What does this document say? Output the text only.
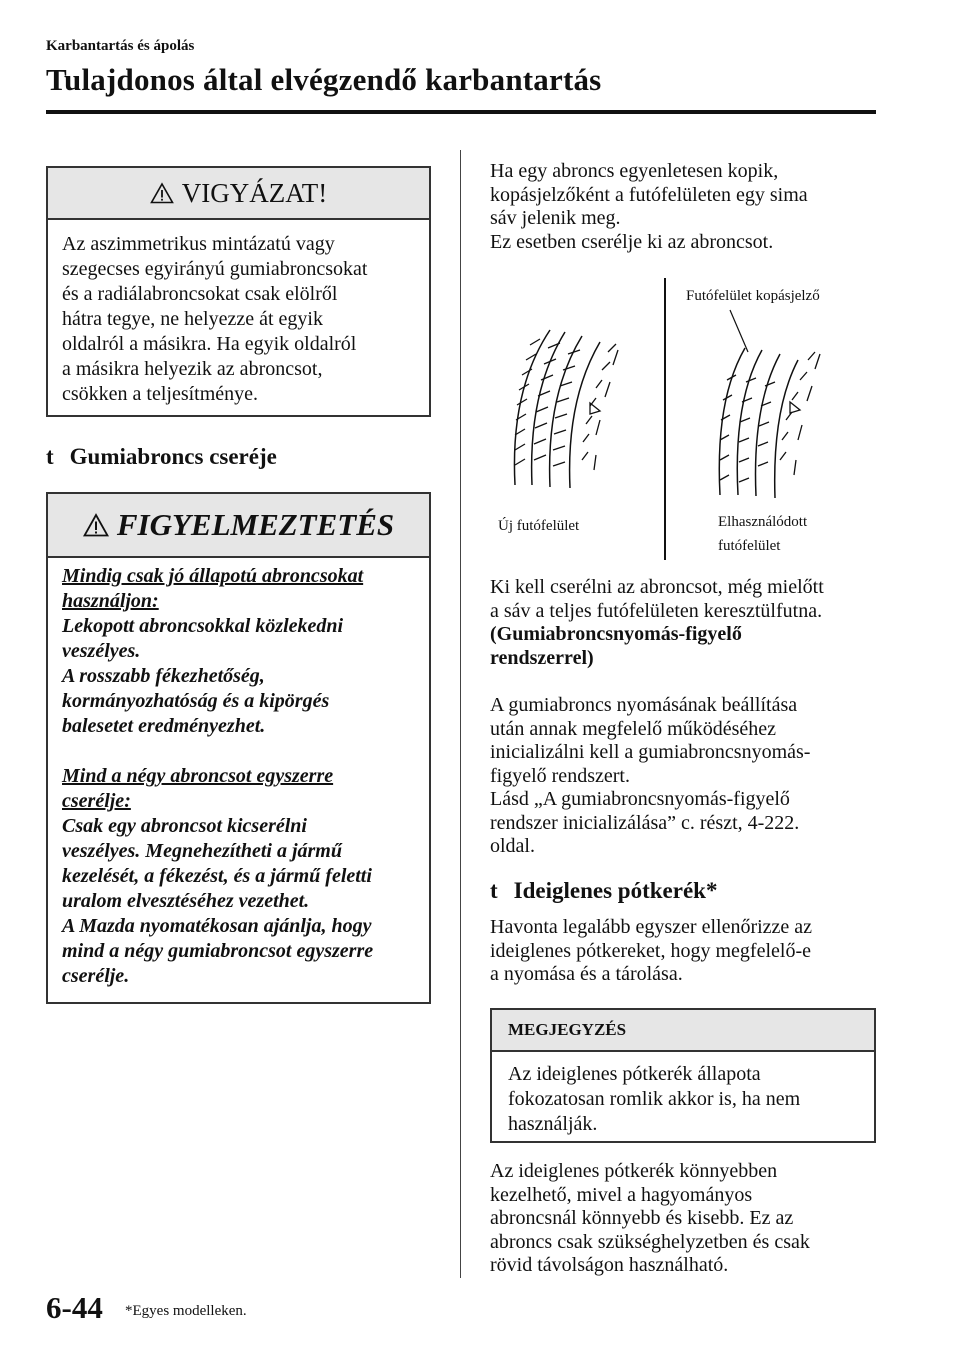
Karbantartás és ápolás
Tulajdonos által elvégzendő karbantartás
VIGYÁZAT!
Az aszimmetrikus mintázatú vagy
szegecses egyirányú gumiabroncsokat
és a radiálabroncsokat csak elölről
hátra tegye, ne helyezze át egyik
oldalról a másikra. Ha egyik oldalról
a másikra helyezik az abroncsot,
csökken a teljesítménye.
t Gumiabroncs cseréje
FIGYELMEZTETÉS
Mindig csak jó állapotú abroncsokat
használjon:
Lekopott abroncsokkal közlekedni
veszélyes.
A rosszabb fékezhetőség,
kormányozhatóság és a kipörgés
balesetet eredményezhet.
Mind a négy abroncsot egyszerre
cserélje:
Csak egy abroncsot kicserélni
veszélyes. Megnehezítheti a jármű
kezelését, a fékezést, és a jármű feletti
uralom elvesztéséhez vezethet.
A Mazda nyomatékosan ajánlja, hogy
mind a négy gumiabroncsot egyszerre
cserélje.
Ha egy abroncs egyenletesen kopik,
kopásjelzőként a futófelületen egy sima
sáv jelenik meg.
Ez esetben cserélje ki az abroncsot.
Futófelület kopásjelző
Új futófelület	Elhasználódott
futófelület
Ki kell cserélni az abroncsot, még mielőtt
a sáv a teljes futófelületen keresztülfutna.
(Gumiabroncsnyomás-figyelő
rendszerrel)
A gumiabroncs nyomásának beállítása
után annak megfelelő működéséhez
inicializálni kell a gumiabroncsnyomás-
figyelő rendszert.
Lásd „A gumiabroncsnyomás-figyelő
rendszer inicializálása” c. részt, 4-222.
oldal.
t Ideiglenes pótkerék*
Havonta legalább egyszer ellenőrizze az
ideiglenes pótkereket, hogy megfelelő-e
a nyomása és a tárolása.
MEGJEGYZÉS
Az ideiglenes pótkerék állapota
fokozatosan romlik akkor is, ha nem
használják.
Az ideiglenes pótkerék könnyebben
kezelhető, mivel a hagyományos
abroncsnál könnyebb és kisebb. Ez az
abroncs csak szükséghelyzetben és csak
rövid távolságon használható.
6-44 *Egyes modelleken.
